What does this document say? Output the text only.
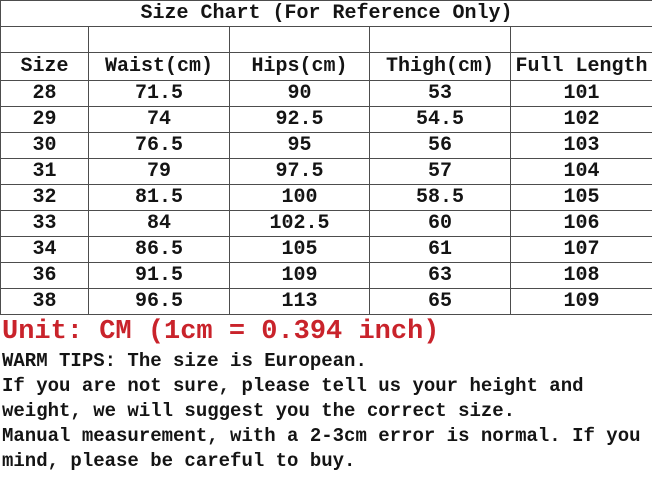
Size Chart (For Reference Only)				

Size	Waist(cm)	Hips(cm)	Thigh(cm)	Full Length
28	71.5	90	53	101
29	74	92.5	54.5	102
30	76.5	95	56	103
31	79	97.5	57	104
32	81.5	100	58.5	105
33	84	102.5	60	106
34	86.5	105	61	107
36	91.5	109	63	108
38	96.5	113	65	109
Unit: CM (1cm = 0.394 inch)
WARM TIPS: The size is European.
If you are not sure, please tell us your height and
weight, we will suggest you the correct size.
Manual measurement, with a 2-3cm error is normal. If you
mind, please be careful to buy.
